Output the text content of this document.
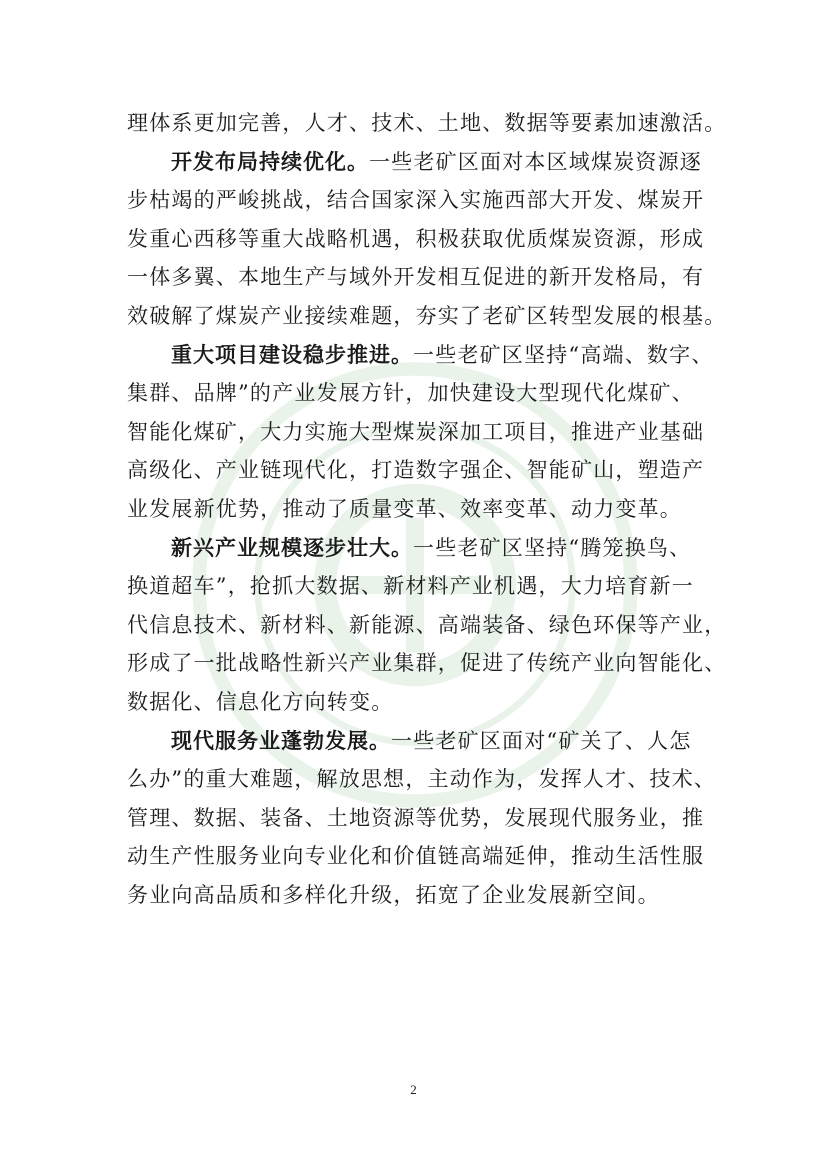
理体系更加完善，人才、技术、土地、数据等要素加速激活。
开发布局持续优化。一些老矿区面对本区域煤炭资源逐
步枯竭的严峻挑战，结合国家深入实施西部大开发、煤炭开
发重心西移等重大战略机遇，积极获取优质煤炭资源，形成
一体多翼、本地生产与域外开发相互促进的新开发格局，有
效破解了煤炭产业接续难题，夯实了老矿区转型发展的根基。
重大项目建设稳步推进。一些老矿区坚持“高端、数字、
集群、品牌”的产业发展方针，加快建设大型现代化煤矿、
智能化煤矿，大力实施大型煤炭深加工项目，推进产业基础
高级化、产业链现代化，打造数字强企、智能矿山，塑造产
业发展新优势，推动了质量变革、效率变革、动力变革。
新兴产业规模逐步壮大。一些老矿区坚持“腾笼换鸟、
换道超车”，抢抓大数据、新材料产业机遇，大力培育新一
代信息技术、新材料、新能源、高端装备、绿色环保等产业，
形成了一批战略性新兴产业集群，促进了传统产业向智能化、
数据化、信息化方向转变。
现代服务业蓬勃发展。一些老矿区面对“矿关了、人怎
么办”的重大难题，解放思想，主动作为，发挥人才、技术、
管理、数据、装备、土地资源等优势，发展现代服务业，推
动生产性服务业向专业化和价值链高端延伸，推动生活性服
务业向高品质和多样化升级，拓宽了企业发展新空间。
2
